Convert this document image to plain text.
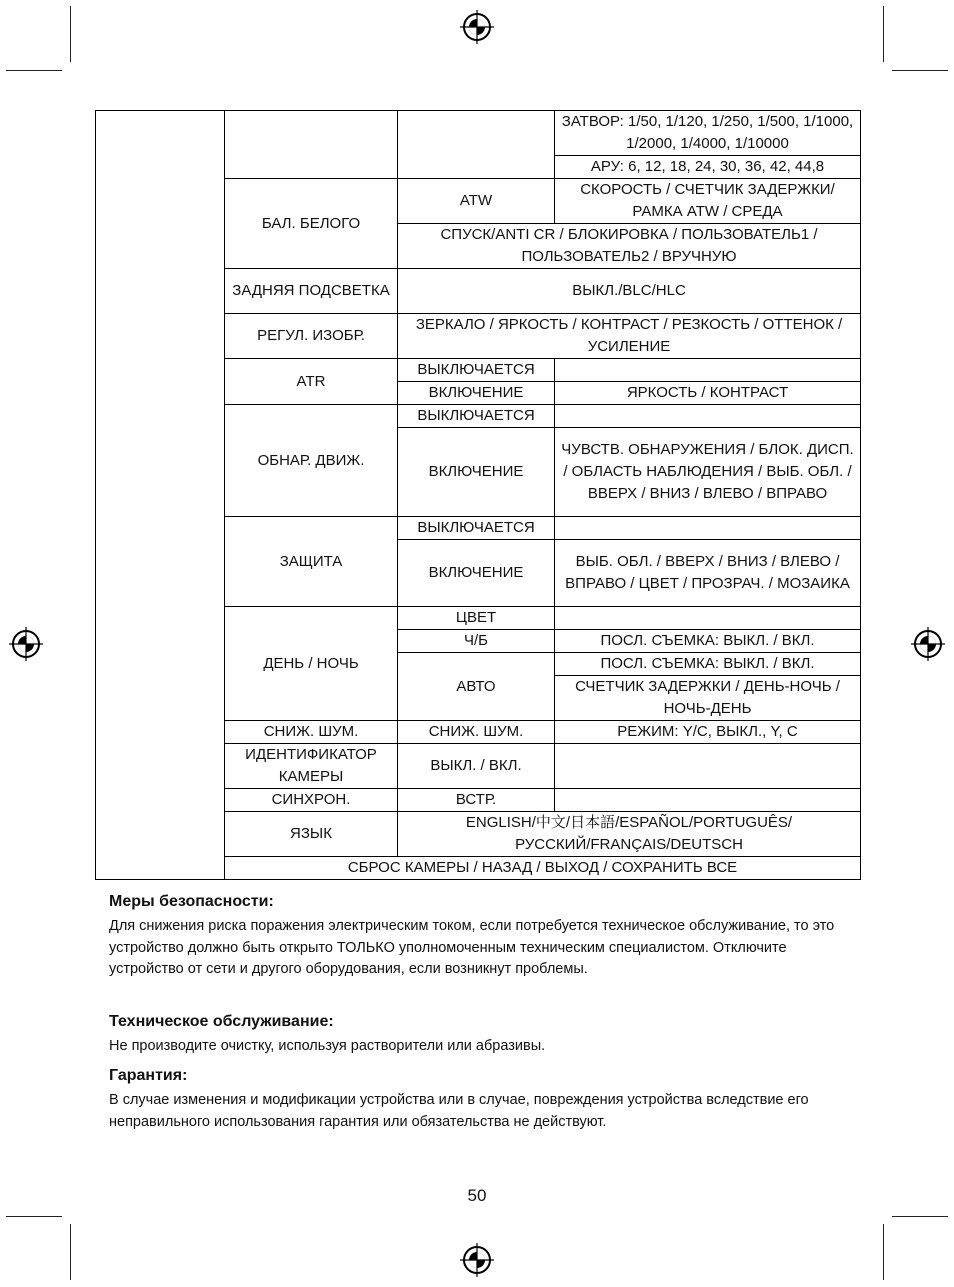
			ЗАТВОР: 1/50, 1/120, 1/250, 1/500, 1/1000, 1/2000, 1/4000, 1/10000
			АРУ: 6, 12, 18, 24, 30, 36, 42, 44,8
	БАЛ. БЕЛОГО	ATW	СКОРОСТЬ / СЧЕТЧИК ЗАДЕРЖКИ/ РАМКА ATW / СРЕДА
		СПУСК/ANTI CR / БЛОКИРОВКА / ПОЛЬЗОВАТЕЛЬ1 / ПОЛЬЗОВАТЕЛЬ2 / ВРУЧНУЮ	
	ЗАДНЯЯ ПОДСВЕТКА	ВЫКЛ./BLC/HLC	
	РЕГУЛ. ИЗОБР.	ЗЕРКАЛО / ЯРКОСТЬ / КОНТРАСТ / РЕЗКОСТЬ / ОТТЕНОК / УСИЛЕНИЕ	
	ATR	ВЫКЛЮЧАЕТСЯ	
		ВКЛЮЧЕНИЕ	ЯРКОСТЬ / КОНТРАСТ
	ОБНАР. ДВИЖ.	ВЫКЛЮЧАЕТСЯ	
		ВКЛЮЧЕНИЕ	ЧУВСТВ. ОБНАРУЖЕНИЯ / БЛОК. ДИСП. / ОБЛАСТЬ НАБЛЮДЕНИЯ / ВЫБ. ОБЛ. / ВВЕРХ / ВНИЗ / ВЛЕВО / ВПРАВО
	ЗАЩИТА	ВЫКЛЮЧАЕТСЯ	
		ВКЛЮЧЕНИЕ	ВЫБ. ОБЛ. / ВВЕРХ / ВНИЗ / ВЛЕВО / ВПРАВО / ЦВЕТ / ПРОЗРАЧ. / МОЗАИКА
	ДЕНЬ / НОЧЬ	ЦВЕТ	
		Ч/Б	ПОСЛ. СЪЕМКА: ВЫКЛ. / ВКЛ.
		АВТО	ПОСЛ. СЪЕМКА: ВЫКЛ. / ВКЛ.
			СЧЕТЧИК ЗАДЕРЖКИ / ДЕНЬ-НОЧЬ / НОЧЬ-ДЕНЬ
	СНИЖ. ШУМ.	СНИЖ. ШУМ.	РЕЖИМ: Y/C, ВЫКЛ., Y, C
	ИДЕНТИФИКАТОР КАМЕРЫ	ВЫКЛ. / ВКЛ.	
	СИНХРОН.	ВСТР.	
	ЯЗЫК	ENGLISH/中文/日本語/ESPAÑOL/PORTUGUÊS/ РУССКИЙ/FRANÇAIS/DEUTSCH	
	СБРОС КАМЕРЫ / НАЗАД / ВЫХОД / СОХРАНИТЬ ВСЕ		
Меры безопасности:

Для снижения риска поражения электрическим током, если потребуется техническое обслуживание, то это устройство должно быть открыто ТОЛЬКО уполномоченным техническим специалистом. Отключите устройство от сети и другого оборудования, если возникнут проблемы.

Техническое обслуживание:

Не производите очистку, используя растворители или абразивы.

Гарантия:

В случае изменения и модификации устройства или в случае, повреждения устройства вследствие его неправильного использования гарантия или обязательства не действуют.

50
